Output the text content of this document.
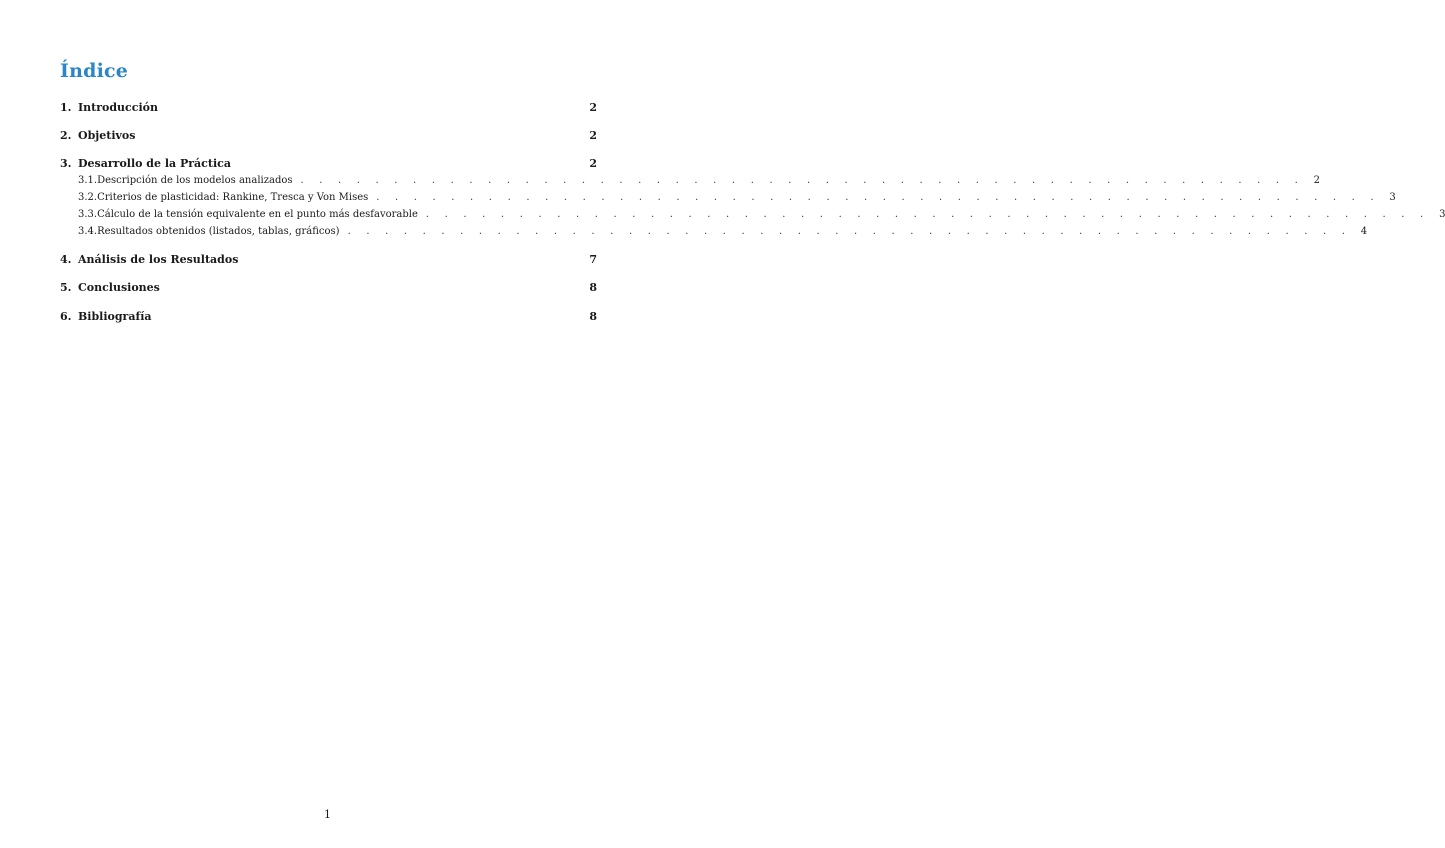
Índice
1. Introducción	2
2. Objetivos	2
3. Desarrollo de la Práctica	2
3.1. Descripción de los modelos analizados . . . . . . . . . . . . . . . . . . . . . . . . . . . . . . . . . . . . . . . . . . . . . . . . . . . . . . 2
3.2. Criterios de plasticidad: Rankine, Tresca y Von Mises . . . . . . . . . . . . . . . . . . . . . . . . . . . . . . . . . . . . . . . . . . . . . . . . . . . . . . 3
3.3. Cálculo de la tensión equivalente en el punto más desfavorable . . . . . . . . . . . . . . . . . . . . . . . . . . . . . . . . . . . . . . . . . . . . . . . . . . . . . . 3
3.4. Resultados obtenidos (listados, tablas, gráficos) . . . . . . . . . . . . . . . . . . . . . . . . . . . . . . . . . . . . . . . . . . . . . . . . . . . . . . 4
4. Análisis de los Resultados	7
5. Conclusiones	8
6. Bibliografía	8
1
